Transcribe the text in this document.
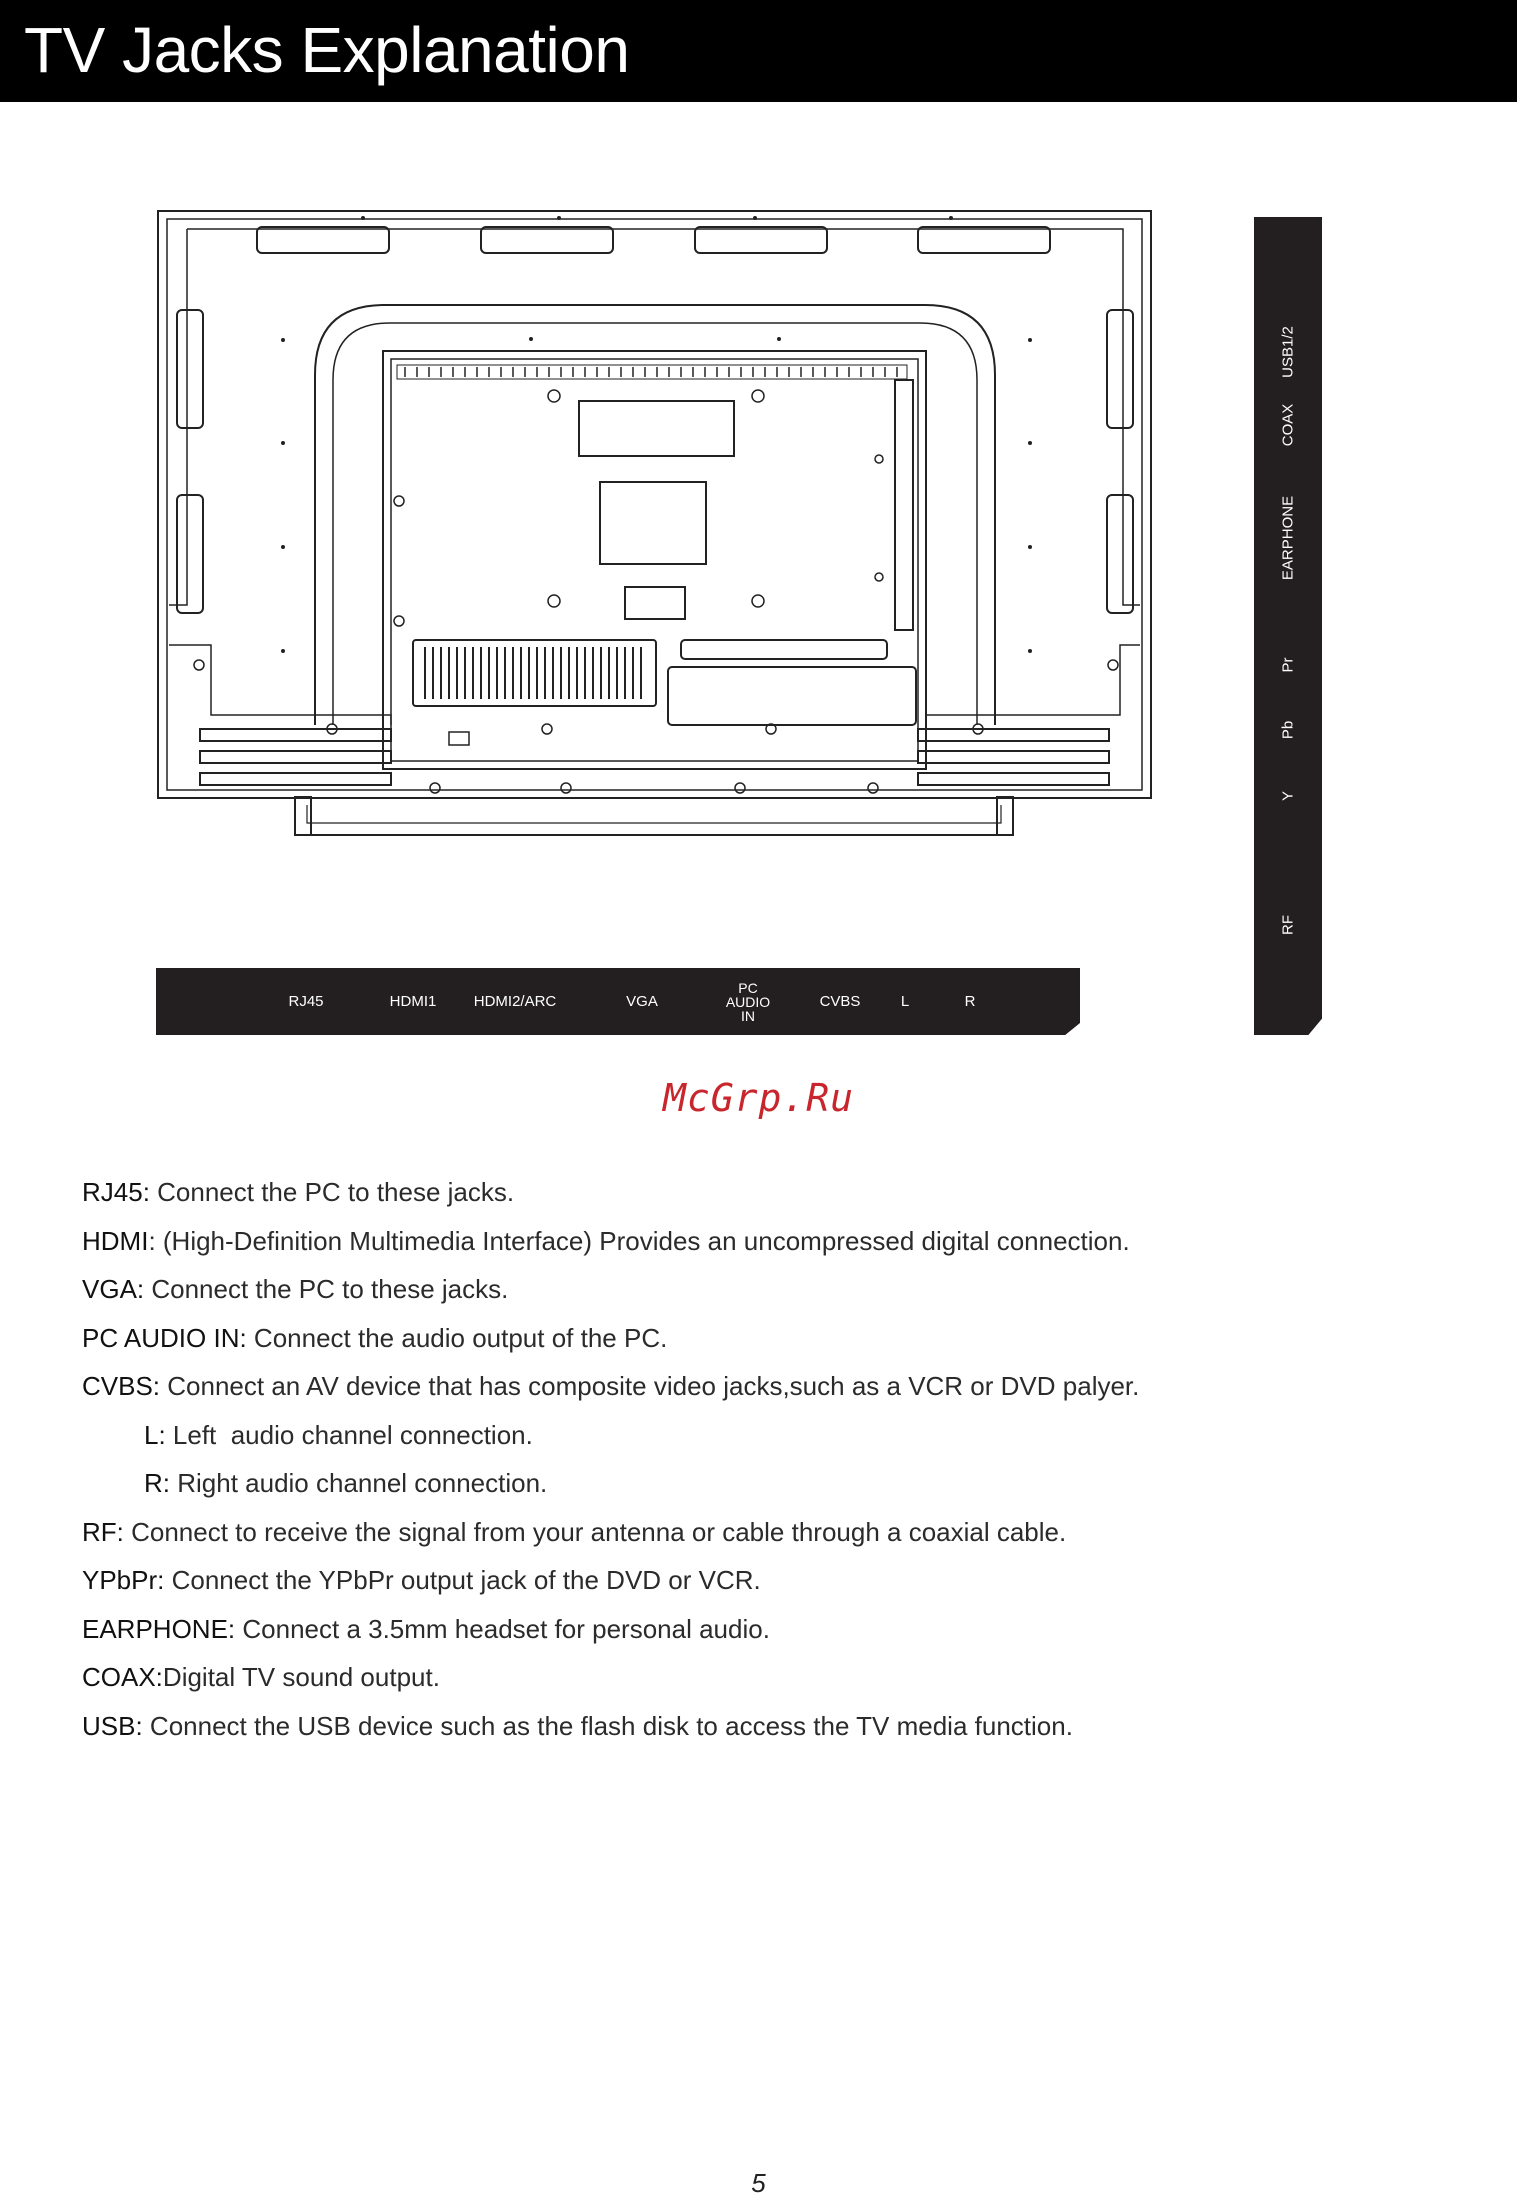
TV Jacks Explanation
RJ45	HDMI1 HDMI2/ARC	VGA
PC
AUDIO
IN
CVBS	L	R
USB1/2
COAX
EARPHONE
Pr
Pb
Y
RF
McGrp.Ru
RJ45: Connect the PC to these jacks.
HDMI: (High-Definition Multimedia Interface) Provides an uncompressed digital connection.
VGA: Connect the PC to these jacks.
PC AUDIO IN: Connect the audio output of the PC.
CVBS: Connect an AV device that has composite video jacks,such as a VCR or DVD palyer.
L: Left  audio channel connection.
R: Right audio channel connection.
RF: Connect to receive the signal from your antenna or cable through a coaxial cable.
YPbPr: Connect the YPbPr output jack of the DVD or VCR.
EARPHONE: Connect a 3.5mm headset for personal audio.
COAX:Digital TV sound output.
USB: Connect the USB device such as the flash disk to access the TV media function.
5
